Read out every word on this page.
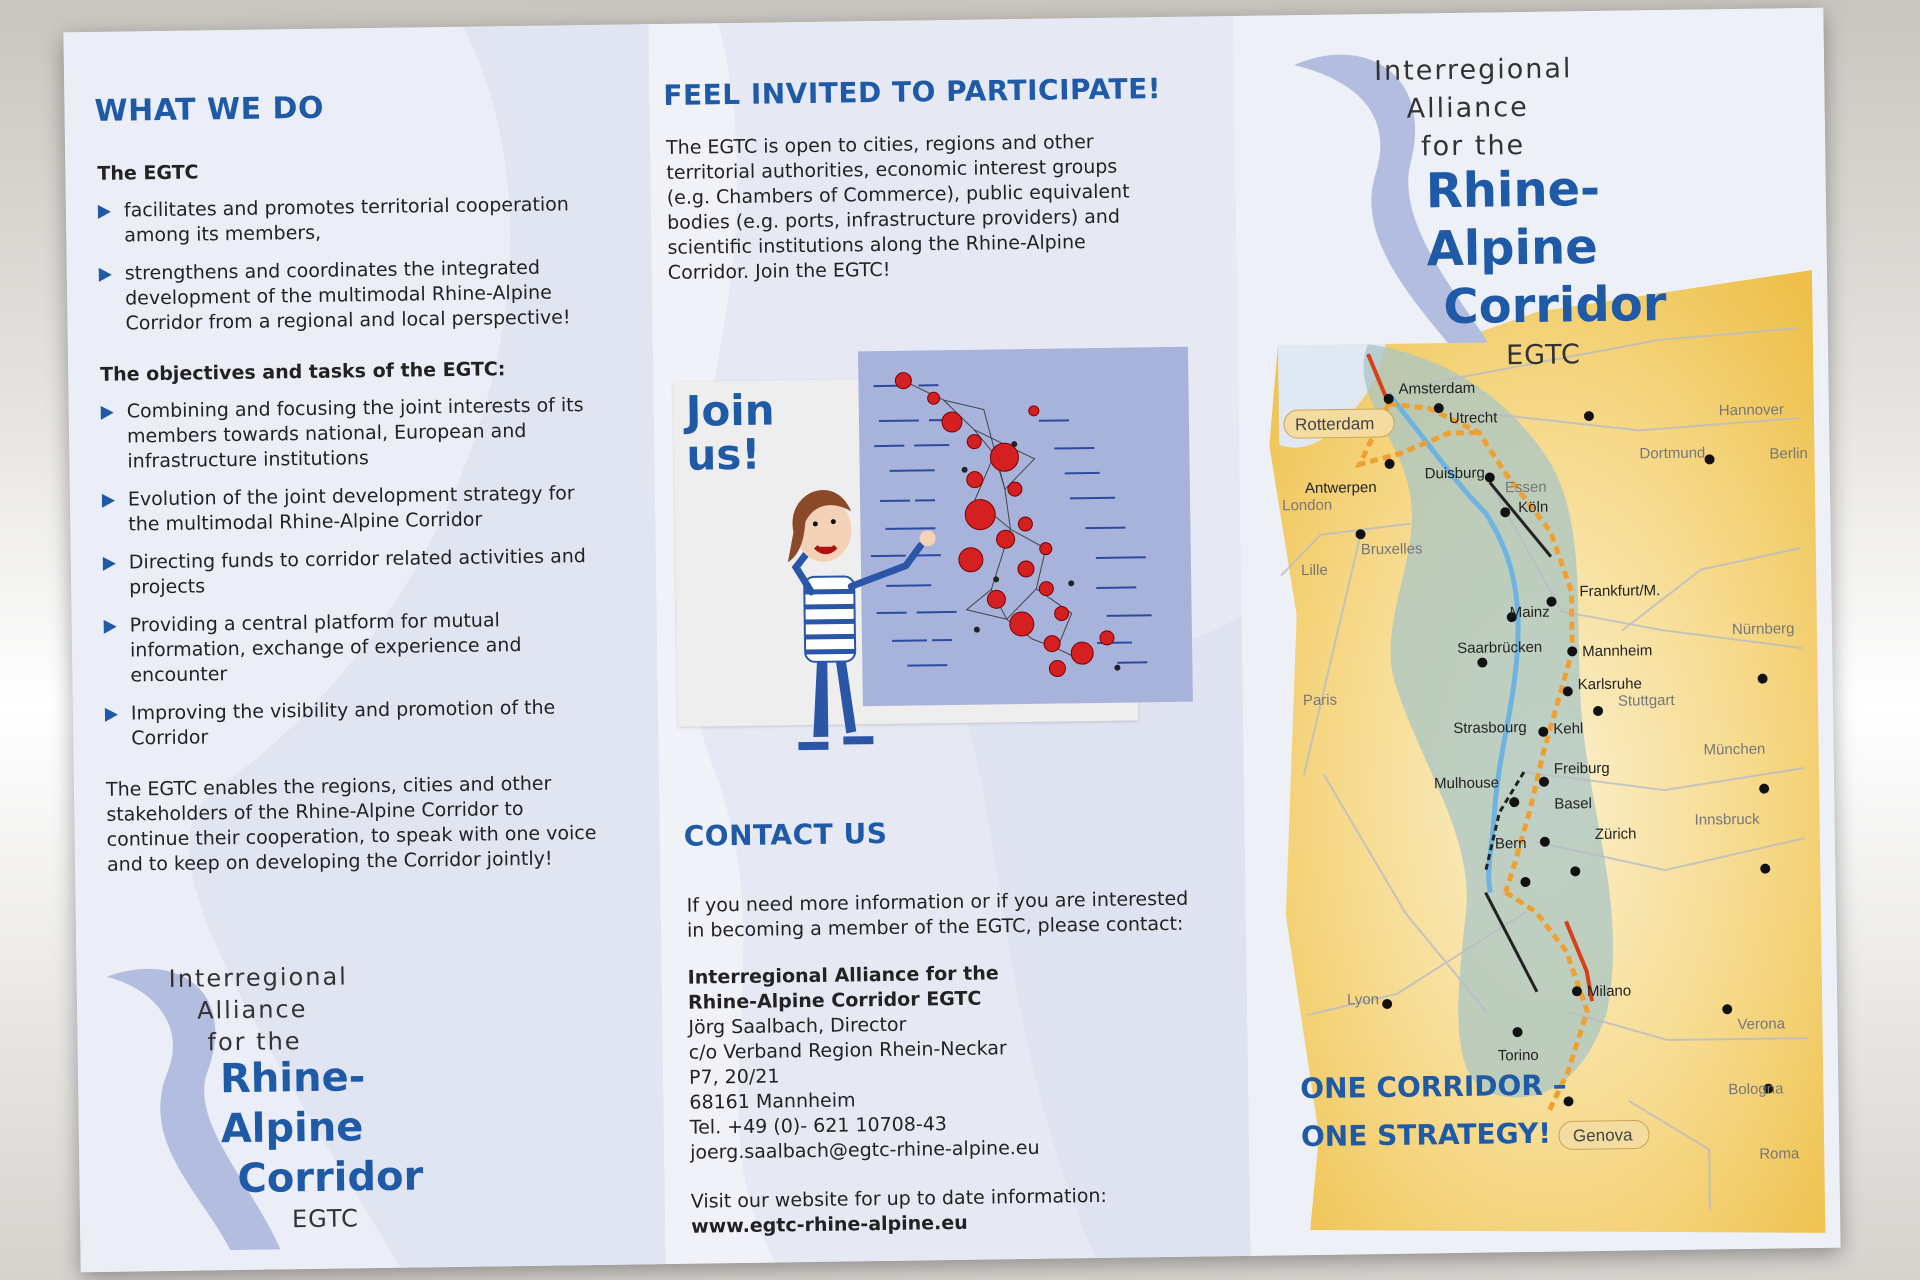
WHAT WE DO
The EGTC
facilitates and promotes territorial cooperation among its members,
strengthens and coordinates the integrated development of the multimodal Rhine-Alpine Corridor from a regional and local perspective!
The objectives and tasks of the EGTC:
Combining and focusing the joint interests of its members towards national, European and infrastructure institutions
Evolution of the joint development strategy for the multimodal Rhine-Alpine Corridor
Directing funds to corridor related activities and projects
Providing a central platform for mutual information, exchange of experience and encounter
Improving the visibility and promotion of the Corridor

The EGTC enables the regions, cities and other stakeholders of the Rhine-Alpine Corridor to continue their cooperation, to speak with one voice and to keep on developing the Corridor jointly!

Interregional
Alliance
for the
Rhine-
Alpine
Corridor
EGTC
FEEL INVITED TO PARTICIPATE!

The EGTC is open to cities, regions and other territorial authorities, economic interest groups (e.g. Chambers of Commerce), public equivalent bodies (e.g. ports, infrastructure providers) and scientific institutions along the Rhine-Alpine Corridor. Join the EGTC!

Join
us!
CONTACT US

If you need more information or if you are interested in becoming a member of the EGTC, please contact:

Interregional Alliance for the
Rhine-Alpine Corridor EGTC
Jörg Saalbach, Director
c/o Verband Region Rhein-Neckar
P7, 20/21
68161 Mannheim
Tel. +49 (0)- 621 10708-43
joerg.saalbach@egtc-rhine-alpine.eu
Visit our website for up to date information:
www.egtc-rhine-alpine.eu
Amsterdam
Utrecht	Hannover
Dortmund	Berlin
Duisburg
Essen
Antwerpen
London	Köln
Bruxelles
Lille
Frankfurt/M.
Mainz
Nürnberg
Saarbrücken	Mannheim
Paris
Karlsruhe
Stuttgart
Strasbourg Kehl
München
Freiburg
Mulhouse
Basel
Innsbruck
Zürich
Bern
Lyon	Milano
Verona
Torino
Bologna
Roma
Rotterdam
Genova
Interregional
Alliance
for the
Rhine-
Alpine
Corridor
EGTC
ONE CORRIDOR –
ONE STRATEGY!
